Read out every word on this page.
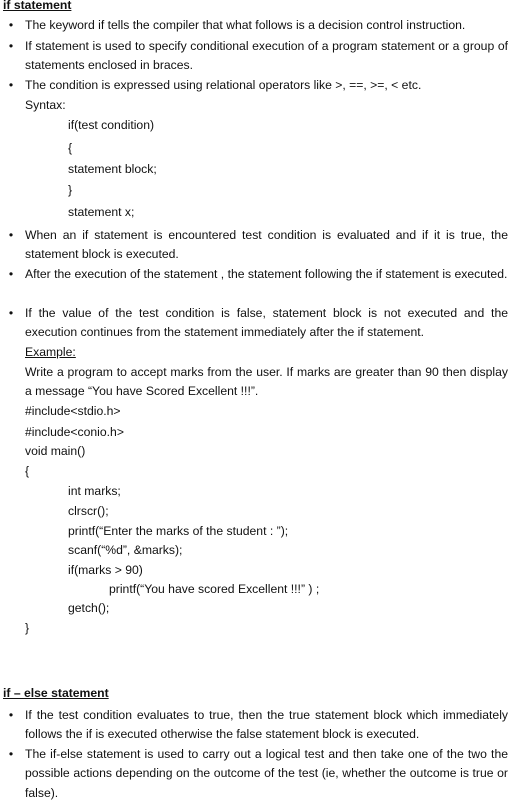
if statement
•
The keyword if tells the compiler that what follows is a decision control instruction.
•
If statement is used to specify conditional execution of a program statement or a group of statements enclosed in braces.
•
The condition is expressed using relational operators like >, ==, >=, < etc.
Syntax:
if(test condition)
{
statement block;
}
statement x;
•
When an if statement is encountered test condition is evaluated and if it is true, the statement block is executed.
•
After the execution of the statement , the statement following the if statement is executed.
•
If the value of the test condition is false, statement block is not executed and the execution continues from the statement immediately after the if statement.
Example:
Write a program to accept marks from the user. If marks are greater than 90 then display a message “You have Scored Excellent !!!”.
#include<stdio.h>
#include<conio.h>
void main()
{
int marks;
clrscr();
printf(“Enter the marks of the student : ”);
scanf(“%d”, &marks);
if(marks > 90)
printf(“You have scored Excellent !!!” ) ;
getch();
}
if – else statement
•
If the test condition evaluates to true, then the true statement block which immediately follows the if is executed otherwise the false statement block is executed.
•
The if-else statement is used to carry out a logical test and then take one of the two the possible actions depending on the outcome of the test (ie, whether the outcome is true or false).
